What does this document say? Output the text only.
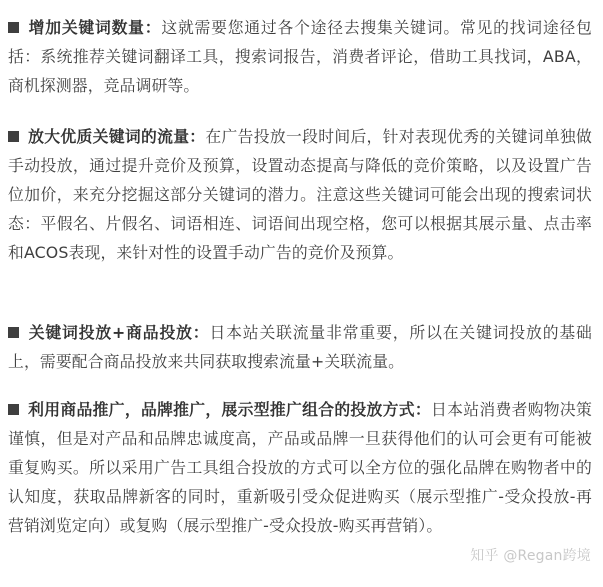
增加关键词数量：这就需要您通过各个途径去搜集关键词。常见的找词途径包括：系统推荐关键词翻译工具，搜索词报告，消费者评论，借助工具找词，ABA，商机探测器，竞品调研等。
放大优质关键词的流量：在广告投放一段时间后，针对表现优秀的关键词单独做手动投放，通过提升竞价及预算，设置动态提高与降低的竞价策略，以及设置广告位加价，来充分挖掘这部分关键词的潜力。注意这些关键词可能会出现的搜索词状态：平假名、片假名、词语相连、词语间出现空格，您可以根据其展示量、点击率和ACOS表现，来针对性的设置手动广告的竞价及预算。
关键词投放+商品投放：日本站关联流量非常重要，所以在关键词投放的基础上，需要配合商品投放来共同获取搜索流量+关联流量。
利用商品推广，品牌推广，展示型推广组合的投放方式：日本站消费者购物决策谨慎，但是对产品和品牌忠诚度高，产品或品牌一旦获得他们的认可会更有可能被重复购买。所以采用广告工具组合投放的方式可以全方位的强化品牌在购物者中的认知度，获取品牌新客的同时，重新吸引受众促进购买（展示型推广-受众投放-再营销浏览定向）或复购（展示型推广-受众投放-购买再营销）。
知乎 @Regan跨境
